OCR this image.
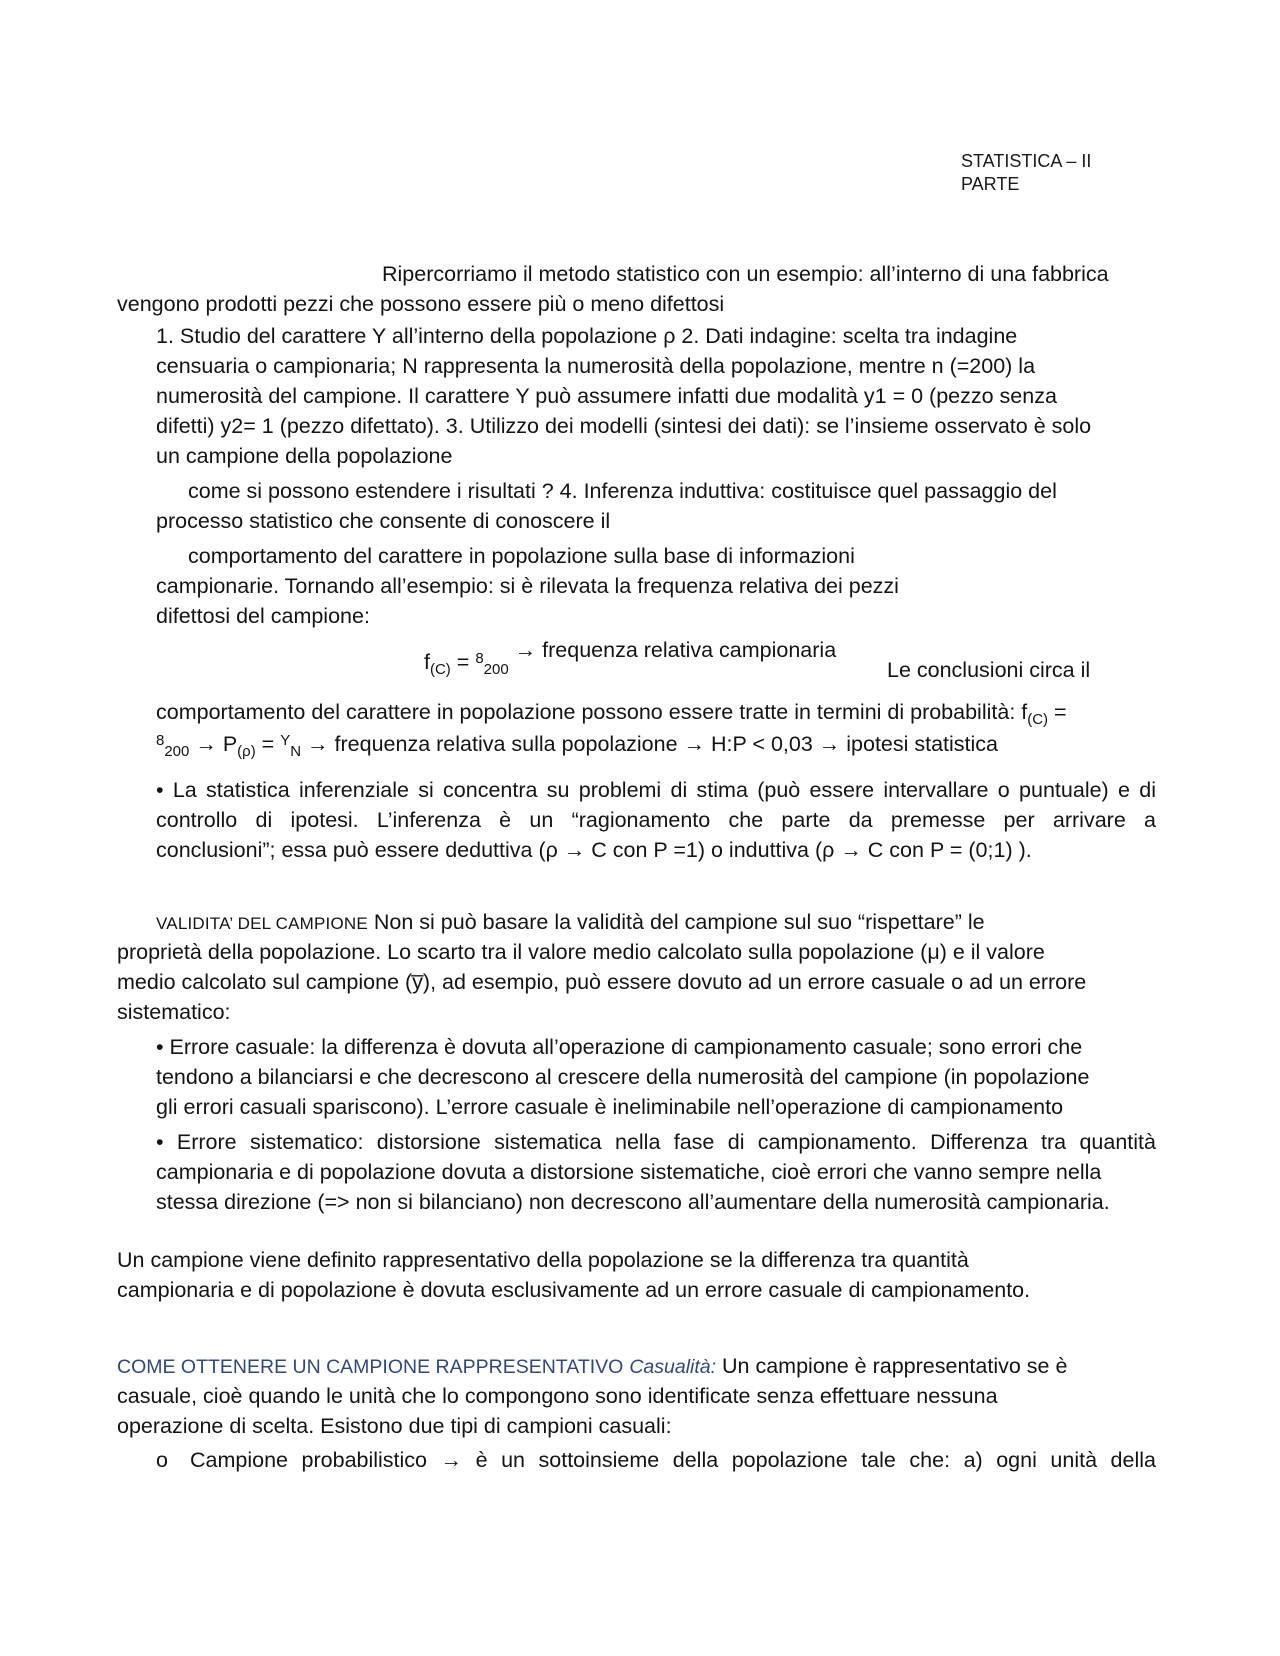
STATISTICA – II
PARTE
Ripercorriamo il metodo statistico con un esempio: all’interno di una fabbrica
vengono prodotti pezzi che possono essere più o meno difettosi
1. Studio del carattere Y all’interno della popolazione ρ 2. Dati indagine: scelta tra indagine
censuaria o campionaria; N rappresenta la numerosità della popolazione, mentre n (=200) la
numerosità del campione. Il carattere Y può assumere infatti due modalità y1 = 0 (pezzo senza
difetti) y2= 1 (pezzo difettato). 3. Utilizzo dei modelli (sintesi dei dati): se l’insieme osservato è solo
un campione della popolazione
come si possono estendere i risultati ? 4. Inferenza induttiva: costituisce quel passaggio del
processo statistico che consente di conoscere il
comportamento del carattere in popolazione sulla base di informazioni
campionarie. Tornando all’esempio: si è rilevata la frequenza relativa dei pezzi
difettosi del campione:
$f_{(C)} = ^8_{200}$ → frequenza relativa campionaria
Le conclusioni circa il
comportamento del carattere in popolazione possono essere tratte in termini di probabilità: $f_{(C)}$ =
$^8_{200} \to P_{(\rho)} = ^Y_N$ → frequenza relativa sulla popolazione → H:P < 0,03 → ipotesi statistica
• La statistica inferenziale si concentra su problemi di stima (può essere intervallare o puntuale) e di
controllo di ipotesi. L’inferenza è un “ragionamento che parte da premesse per arrivare a
conclusioni”; essa può essere deduttiva (ρ → C con P =1) o induttiva (ρ → C con P = (0;1) ).
VALIDITA’ DEL CAMPIONE Non si può basare la validità del campione sul suo “rispettare” le
proprietà della popolazione. Lo scarto tra il valore medio calcolato sulla popolazione (μ) e il valore
medio calcolato sul campione (y̅), ad esempio, può essere dovuto ad un errore casuale o ad un errore
sistematico:
• Errore casuale: la differenza è dovuta all’operazione di campionamento casuale; sono errori che
tendono a bilanciarsi e che decrescono al crescere della numerosità del campione (in popolazione
gli errori casuali spariscono). L’errore casuale è ineliminabile nell’operazione di campionamento
• Errore sistematico: distorsione sistematica nella fase di campionamento. Differenza tra quantità
campionaria e di popolazione dovuta a distorsione sistematiche, cioè errori che vanno sempre nella
stessa direzione (=> non si bilanciano) non decrescono all’aumentare della numerosità campionaria.
Un campione viene definito rappresentativo della popolazione se la differenza tra quantità
campionaria e di popolazione è dovuta esclusivamente ad un errore casuale di campionamento.
COME OTTENERE UN CAMPIONE RAPPRESENTATIVO Casualità: Un campione è rappresentativo se è
casuale, cioè quando le unità che lo compongono sono identificate senza effettuare nessuna
operazione di scelta. Esistono due tipi di campioni casuali:
o Campione probabilistico → è un sottoinsieme della popolazione tale che: a) ogni unità della
